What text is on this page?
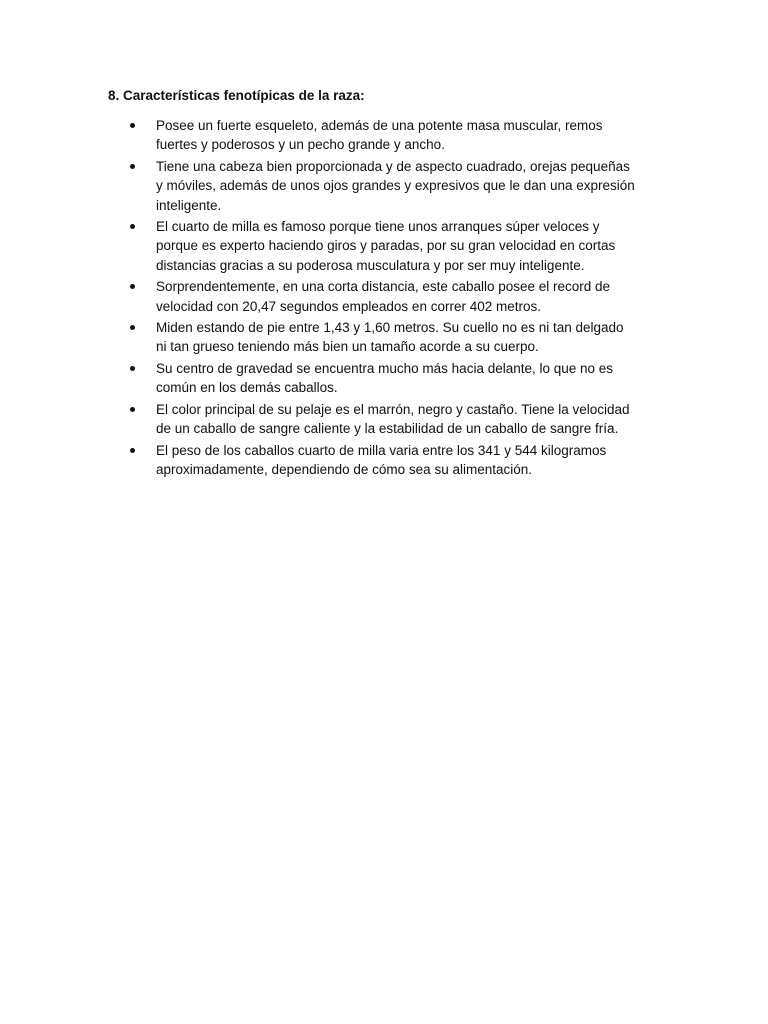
8. Características fenotípicas de la raza:
Posee un fuerte esqueleto, además de una potente masa muscular, remos
fuertes y poderosos y un pecho grande y ancho.
Tiene una cabeza bien proporcionada y de aspecto cuadrado, orejas pequeñas
y móviles, además de unos ojos grandes y expresivos que le dan una expresión
inteligente.
El cuarto de milla es famoso porque tiene unos arranques súper veloces y
porque es experto haciendo giros y paradas, por su gran velocidad en cortas
distancias gracias a su poderosa musculatura y por ser muy inteligente.
Sorprendentemente, en una corta distancia, este caballo posee el record de
velocidad con 20,47 segundos empleados en correr 402 metros.
Miden estando de pie entre 1,43 y 1,60 metros. Su cuello no es ni tan delgado
ni tan grueso teniendo más bien un tamaño acorde a su cuerpo.
Su centro de gravedad se encuentra mucho más hacia delante, lo que no es
común en los demás caballos.
El color principal de su pelaje es el marrón, negro y castaño. Tiene la velocidad
de un caballo de sangre caliente y la estabilidad de un caballo de sangre fría.
El peso de los caballos cuarto de milla varia entre los 341 y 544 kilogramos
aproximadamente, dependiendo de cómo sea su alimentación.
